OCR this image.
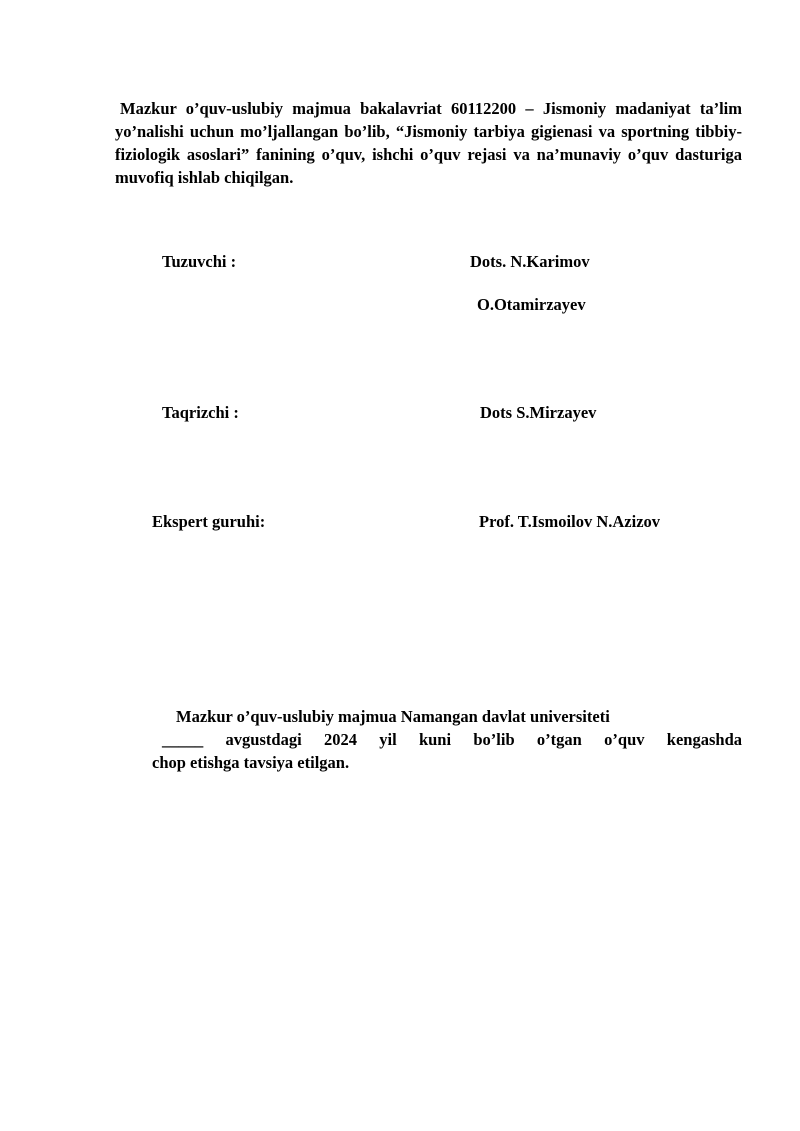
Mazkur o’quv-uslubiy majmua bakalavriat 60112200 – Jismoniy madaniyat ta’lim yo’nalishi uchun mo’ljallangan bo’lib, “Jismoniy tarbiya gigienasi va sportning tibbiy-fiziologik asoslari” fanining o’quv, ishchi o’quv rejasi va na’munaviy o’quv dasturiga muvofiq ishlab chiqilgan.

Tuzuvchi :	Dots. N.Karimov
O.Otamirzayev
Taqrizchi :	Dots S.Mirzayev
Ekspert guruhi:	Prof. T.Ismoilov N.Azizov
Mazkur o’quv-uslubiy majmua Namangan davlat universiteti
_____ avgustdagi 2024 yil kuni bo’lib o’tgan o’quv kengashda
chop etishga tavsiya etilgan.
